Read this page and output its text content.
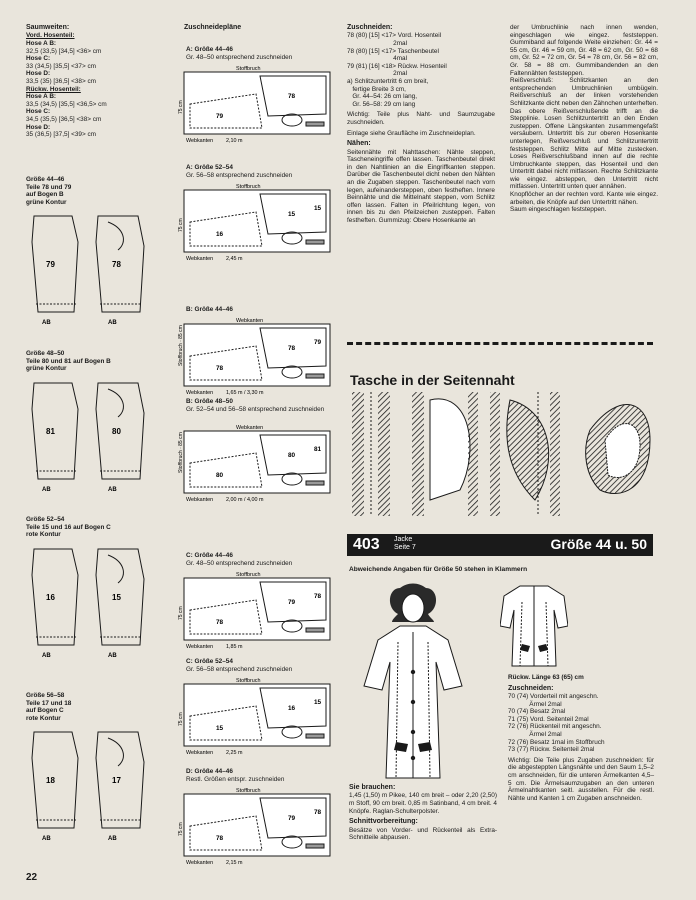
Saumweiten:
Vord. Hosenteil:
Hose A B:
32,5 (33,5) [34,5] <36> cm
Hose C:
33 (34,5) [35,5] <37> cm
Hose D:
33,5 (35) [36,5] <38> cm
Rückw. Hosenteil:
Hose A B:
33,5 (34,5) [35,5] <36,5> cm
Hose C:
34,5 (35,5) [36,5] <38> cm
Hose D:
35 (36,5) [37,5] <39> cm
Größe 44–46
Teile 78 und 79
auf Bogen B
grüne Kontur
79	78
AB	AB
Größe 48–50
Teile 80 und 81 auf Bogen B
grüne Kontur
81	80
AB	AB
Größe 52–54
Teile 15 und 16 auf Bogen C
rote Kontur
16	15
AB	AB
Größe 56–58
Teile 17 und 18
auf Bogen C
rote Kontur
18	17
AB	AB
Zuschneidepläne
A: Größe 44–46
Gr. 48–50 entsprechend zuschneiden
Stoffbruch
75 cm
Webkanten 2,10 m
79
78
A: Größe 52–54
Gr. 56–58 entsprechend zuschneiden
Stoffbruch
75 cm
Webkanten 2,45 m
16
15
15
B: Größe 44–46
Webkanten
Stoffbruch · 85 cm
Webkanten 1,65 m / 3,30 m
78
78
79
B: Größe 48–50
Gr. 52–54 und 56–58 entsprechend zuschneiden
Webkanten
Stoffbruch · 85 cm
Webkanten 2,00 m / 4,00 m
80
80
81
C: Größe 44–46
Gr. 48–50 entsprechend zuschneiden
Stoffbruch
75 cm
Webkanten 1,85 m
78
79
78
C: Größe 52–54
Gr. 56–58 entsprechend zuschneiden
Stoffbruch
75 cm
Webkanten 2,25 m
15
16
15
D: Größe 44–46
Restl. Größen entspr. zuschneiden
Stoffbruch
75 cm
Webkanten 2,15 m
78
79
78
Zuschneiden:
78 (80) [15] <17> Vord. Hosenteil
2mal
78 (80) [15] <17> Taschenbeutel
4mal
79 (81) [16] <18> Rückw. Hosenteil
2mal
a) Schlitzuntertritt 6 cm breit,
fertige Breite 3 cm,
Gr. 44–54: 26 cm lang,
Gr. 56–58: 29 cm lang
Wichtig: Teile plus Naht- und Saumzugabe zuschneiden.
Einlage siehe Graufläche im Zuschneideplan.
Nähen:
Seitennähte mit Nahttaschen: Nähte steppen, Tascheneingriffe offen lassen. Taschenbeutel direkt in den Nahtlinien an die Eingriffkanten steppen. Darüber die Taschenbeutel dicht neben den Nähten an die Zugaben steppen. Taschenbeutel nach vorn legen, aufeinandersteppen, oben festheften. Innere Beinnähte und die Mittelnaht steppen, vorn Schlitz offen lassen. Falten in Pfeilrichtung legen, von innen bis zu den Pfeilzeichen zusteppen. Falten festheften. Gummizug: Obere Hosenkante an
der Umbruchlinie nach innen wenden, eingeschlagen wie eingez. feststeppen. Gummiband auf folgende Weite einziehen: Gr. 44 = 55 cm, Gr. 46 = 59 cm, Gr. 48 = 62 cm, Gr. 50 = 68 cm, Gr. 52 = 72 cm, Gr. 54 = 78 cm, Gr. 56 = 82 cm, Gr. 58 = 88 cm. Gummibandenden an den Faltennähten feststeppen.
Reißverschluß: Schlitzkanten an den entsprechenden Umbruchlinien umbügeln. Reißverschluß an der linken vorstehenden Schlitzkante dicht neben den Zähnchen unterheften. Das obere Reißverschlußende trifft an die Stepplinie. Losen Schlitzuntertritt an den Enden zusteppen. Offene Längskanten zusammengefaßt versäubern. Untertritt bis zur oberen Hosenkante unterlegen, Reißverschluß und Schlitzuntertritt feststeppen. Schlitz Mitte auf Mitte zustecken. Loses Reißverschlußband innen auf die rechte Umbruchkante steppen, das Hosenteil und den Untertritt dabei nicht mitfassen. Rechte Schlitzkante wie eingez. absteppen, den Untertritt nicht mitfassen. Untertritt unten quer annähen.
Knopflöcher an der rechten vord. Kante wie eingez. arbeiten, die Knöpfe auf den Untertritt nähen.
Saum eingeschlagen feststeppen.
Tasche in der Seitennaht
403 Jacke
Seite 7	Größe 44 u. 50
Abweichende Angaben für Größe 50 stehen in Klammern
Rückw. Länge 63 (65) cm
Zuschneiden:
70 (74) Vorderteil mit angeschn.
Ärmel 2mal
70 (74) Besatz 2mal
71 (75) Vord. Seitenteil 2mal
72 (76) Rückenteil mit angeschn.
Ärmel 2mal
72 (76) Besatz 1mal im Stoffbruch
73 (77) Rückw. Seitenteil 2mal
Wichtig: Die Teile plus Zugaben zuschneiden: für die abgesteppten Längsnähte und den Saum 1,5–2 cm anschneiden, für die unteren Ärmelkanten 4,5–5 cm. Die Ärmelsaumzugaben an den unteren Ärmelnahtkanten seitl. ausstellen. Für die restl. Nähte und Kanten 1 cm Zugaben anschneiden.
Sie brauchen:
1,45 (1,50) m Pikee, 140 cm breit – oder 2,20 (2,50) m Stoff, 90 cm breit. 0,85 m Satinband, 4 cm breit. 4 Knöpfe. Raglan-Schulterpolster.
Schnittvorbereitung:
Besätze von Vorder- und Rückenteil als Extra-Schnitteile abpausen.
22
